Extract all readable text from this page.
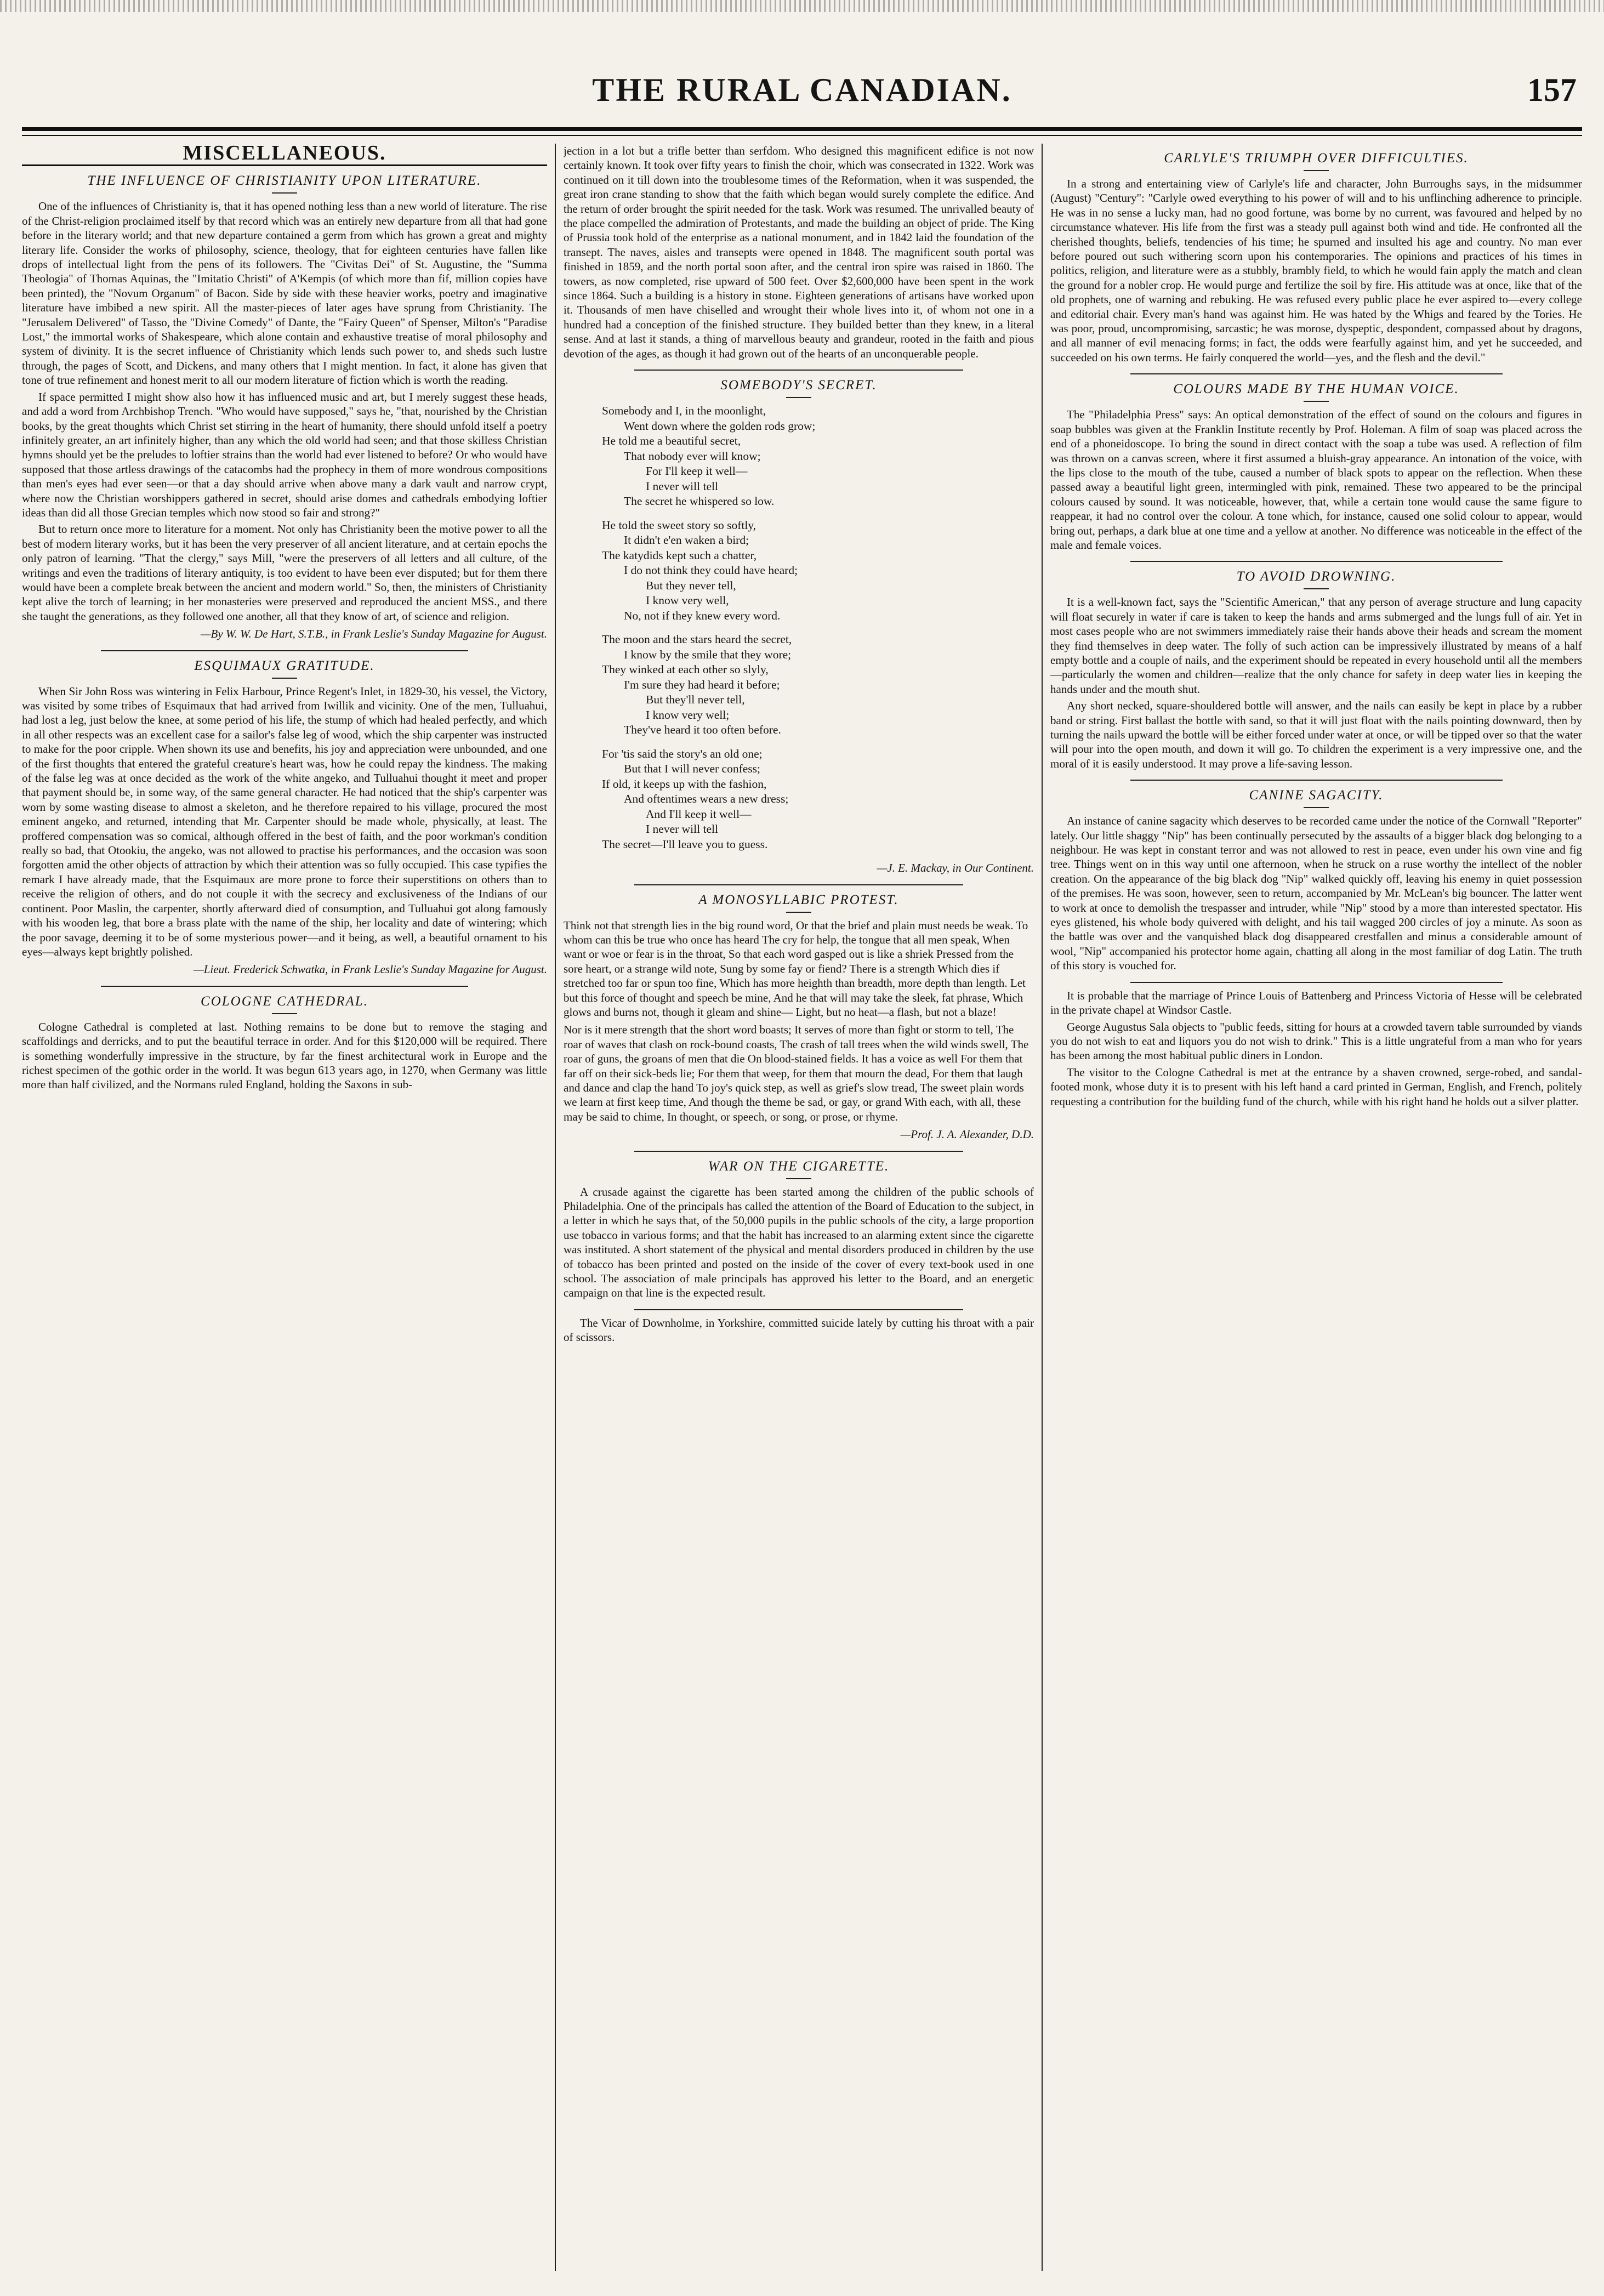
THE RURAL CANADIAN.	157
MISCELLANEOUS.
THE INFLUENCE OF CHRISTIANITY UPON LITERATURE.

One of the influences of Christianity is, that it has opened nothing less than a new world of literature. The rise of the Christ-religion proclaimed itself by that record which was an entirely new departure from all that had gone before in the literary world; and that new departure contained a germ from which has grown a great and mighty literary life. Consider the works of philosophy, science, theology, that for eighteen centuries have fallen like drops of intellectual light from the pens of its followers. The "Civitas Dei" of St. Augustine, the "Summa Theologia" of Thomas Aquinas, the "Imitatio Christi" of A'Kempis (of which more than fif, million copies have been printed), the "Novum Organum" of Bacon. Side by side with these heavier works, poetry and imaginative literature have imbibed a new spirit. All the master-pieces of later ages have sprung from Christianity. The "Jerusalem Delivered" of Tasso, the "Divine Comedy" of Dante, the "Fairy Queen" of Spenser, Milton's "Paradise Lost," the immortal works of Shakespeare, which alone contain and exhaustive treatise of moral philosophy and system of divinity. It is the secret influence of Christianity which lends such power to, and sheds such lustre through, the pages of Scott, and Dickens, and many others that I might mention. In fact, it alone has given that tone of true refinement and honest merit to all our modern literature of fiction which is worth the reading.

If space permitted I might show also how it has influenced music and art, but I merely suggest these heads, and add a word from Archbishop Trench. "Who would have supposed," says he, "that, nourished by the Christian books, by the great thoughts which Christ set stirring in the heart of humanity, there should unfold itself a poetry infinitely greater, an art infinitely higher, than any which the old world had seen; and that those skilless Christian hymns should yet be the preludes to loftier strains than the world had ever listened to before? Or who would have supposed that those artless drawings of the catacombs had the prophecy in them of more wondrous compositions than men's eyes had ever seen—or that a day should arrive when above many a dark vault and narrow crypt, where now the Christian worshippers gathered in secret, should arise domes and cathedrals embodying loftier ideas than did all those Grecian temples which now stood so fair and strong?"

But to return once more to literature for a moment. Not only has Christianity been the motive power to all the best of modern literary works, but it has been the very preserver of all ancient literature, and at certain epochs the only patron of learning. "That the clergy," says Mill, "were the preservers of all letters and all culture, of the writings and even the traditions of literary antiquity, is too evident to have been ever disputed; but for them there would have been a complete break between the ancient and modern world." So, then, the ministers of Christianity kept alive the torch of learning; in her monasteries were preserved and reproduced the ancient MSS., and there she taught the generations, as they followed one another, all that they know of art, of science and religion.

—By W. W. De Hart, S.T.B., in Frank Leslie's Sunday Magazine for August.

ESQUIMAUX GRATITUDE.

When Sir John Ross was wintering in Felix Harbour, Prince Regent's Inlet, in 1829-30, his vessel, the Victory, was visited by some tribes of Esquimaux that had arrived from Iwillik and vicinity. One of the men, Tulluahui, had lost a leg, just below the knee, at some period of his life, the stump of which had healed perfectly, and which in all other respects was an excellent case for a sailor's false leg of wood, which the ship carpenter was instructed to make for the poor cripple. When shown its use and benefits, his joy and appreciation were unbounded, and one of the first thoughts that entered the grateful creature's heart was, how he could repay the kindness. The making of the false leg was at once decided as the work of the white angeko, and Tulluahui thought it meet and proper that payment should be, in some way, of the same general character. He had noticed that the ship's carpenter was worn by some wasting disease to almost a skeleton, and he therefore repaired to his village, procured the most eminent angeko, and returned, intending that Mr. Carpenter should be made whole, physically, at least. The proffered compensation was so comical, although offered in the best of faith, and the poor workman's condition really so bad, that Otookiu, the angeko, was not allowed to practise his performances, and the occasion was soon forgotten amid the other objects of attraction by which their attention was so fully occupied. This case typifies the remark I have already made, that the Esquimaux are more prone to force their superstitions on others than to receive the religion of others, and do not couple it with the secrecy and exclusiveness of the Indians of our continent. Poor Maslin, the carpenter, shortly afterward died of consumption, and Tulluahui got along famously with his wooden leg, that bore a brass plate with the name of the ship, her locality and date of wintering; which the poor savage, deeming it to be of some mysterious power—and it being, as well, a beautiful ornament to his eyes—always kept brightly polished.

—Lieut. Frederick Schwatka, in Frank Leslie's Sunday Magazine for August.

COLOGNE CATHEDRAL.

Cologne Cathedral is completed at last. Nothing remains to be done but to remove the staging and scaffoldings and derricks, and to put the beautiful terrace in order. And for this $120,000 will be required. There is something wonderfully impressive in the structure, by far the finest architectural work in Europe and the richest specimen of the gothic order in the world. It was begun 613 years ago, in 1270, when Germany was little more than half civilized, and the Normans ruled England, holding the Saxons in sub-

jection in a lot but a trifle better than serfdom. Who designed this magnificent edifice is not now certainly known. It took over fifty years to finish the choir, which was consecrated in 1322. Work was continued on it till down into the troublesome times of the Reformation, when it was suspended, the great iron crane standing to show that the faith which began would surely complete the edifice. And the return of order brought the spirit needed for the task. Work was resumed. The unrivalled beauty of the place compelled the admiration of Protestants, and made the building an object of pride. The King of Prussia took hold of the enterprise as a national monument, and in 1842 laid the foundation of the transept. The naves, aisles and transepts were opened in 1848. The magnificent south portal was finished in 1859, and the north portal soon after, and the central iron spire was raised in 1860. The towers, as now completed, rise upward of 500 feet. Over $2,600,000 have been spent in the work since 1864. Such a building is a history in stone. Eighteen generations of artisans have worked upon it. Thousands of men have chiselled and wrought their whole lives into it, of whom not one in a hundred had a conception of the finished structure. They builded better than they knew, in a literal sense. And at last it stands, a thing of marvellous beauty and grandeur, rooted in the faith and pious devotion of the ages, as though it had grown out of the hearts of an unconquerable people.

SOMEBODY'S SECRET.
Somebody and I, in the moonlight,
Went down where the golden rods grow;
He told me a beautiful secret,
That nobody ever will know;
For I'll keep it well—
I never will tell
The secret he whispered so low.
He told the sweet story so softly,
It didn't e'en waken a bird;
The katydids kept such a chatter,
I do not think they could have heard;
But they never tell,
I know very well,
No, not if they knew every word.
The moon and the stars heard the secret,
I know by the smile that they wore;
They winked at each other so slyly,
I'm sure they had heard it before;
But they'll never tell,
I know very well;
They've heard it too often before.
For 'tis said the story's an old one;
But that I will never confess;
If old, it keeps up with the fashion,
And oftentimes wears a new dress;
And I'll keep it well—
I never will tell
The secret—I'll leave you to guess.

—J. E. Mackay, in Our Continent.

A MONOSYLLABIC PROTEST.

Think not that strength lies in the big round word, Or that the brief and plain must needs be weak. To whom can this be true who once has heard The cry for help, the tongue that all men speak, When want or woe or fear is in the throat, So that each word gasped out is like a shriek Pressed from the sore heart, or a strange wild note, Sung by some fay or fiend? There is a strength Which dies if stretched too far or spun too fine, Which has more heighth than breadth, more depth than length. Let but this force of thought and speech be mine, And he that will may take the sleek, fat phrase, Which glows and burns not, though it gleam and shine— Light, but no heat—a flash, but not a blaze!

Nor is it mere strength that the short word boasts; It serves of more than fight or storm to tell, The roar of waves that clash on rock-bound coasts, The crash of tall trees when the wild winds swell, The roar of guns, the groans of men that die On blood-stained fields. It has a voice as well For them that far off on their sick-beds lie; For them that weep, for them that mourn the dead, For them that laugh and dance and clap the hand To joy's quick step, as well as grief's slow tread, The sweet plain words we learn at first keep time, And though the theme be sad, or gay, or grand With each, with all, these may be said to chime, In thought, or speech, or song, or prose, or rhyme.

—Prof. J. A. Alexander, D.D.

WAR ON THE CIGARETTE.

A crusade against the cigarette has been started among the children of the public schools of Philadelphia. One of the principals has called the attention of the Board of Education to the subject, in a letter in which he says that, of the 50,000 pupils in the public schools of the city, a large proportion use tobacco in various forms; and that the habit has increased to an alarming extent since the cigarette was instituted. A short statement of the physical and mental disorders produced in children by the use of tobacco has been printed and posted on the inside of the cover of every text-book used in one school. The association of male principals has approved his letter to the Board, and an energetic campaign on that line is the expected result.

The Vicar of Downholme, in Yorkshire, committed suicide lately by cutting his throat with a pair of scissors.

CARLYLE'S TRIUMPH OVER DIFFICULTIES.

In a strong and entertaining view of Carlyle's life and character, John Burroughs says, in the midsummer (August) "Century": "Carlyle owed everything to his power of will and to his unflinching adherence to principle. He was in no sense a lucky man, had no good fortune, was borne by no current, was favoured and helped by no circumstance whatever. His life from the first was a steady pull against both wind and tide. He confronted all the cherished thoughts, beliefs, tendencies of his time; he spurned and insulted his age and country. No man ever before poured out such withering scorn upon his contemporaries. The opinions and practices of his times in politics, religion, and literature were as a stubbly, brambly field, to which he would fain apply the match and clean the ground for a nobler crop. He would purge and fertilize the soil by fire. His attitude was at once, like that of the old prophets, one of warning and rebuking. He was refused every public place he ever aspired to—every college and editorial chair. Every man's hand was against him. He was hated by the Whigs and feared by the Tories. He was poor, proud, uncompromising, sarcastic; he was morose, dyspeptic, despondent, compassed about by dragons, and all manner of evil menacing forms; in fact, the odds were fearfully against him, and yet he succeeded, and succeeded on his own terms. He fairly conquered the world—yes, and the flesh and the devil."

COLOURS MADE BY THE HUMAN VOICE.

The "Philadelphia Press" says: An optical demonstration of the effect of sound on the colours and figures in soap bubbles was given at the Franklin Institute recently by Prof. Holeman. A film of soap was placed across the end of a phoneidoscope. To bring the sound in direct contact with the soap a tube was used. A reflection of film was thrown on a canvas screen, where it first assumed a bluish-gray appearance. An intonation of the voice, with the lips close to the mouth of the tube, caused a number of black spots to appear on the reflection. When these passed away a beautiful light green, intermingled with pink, remained. These two appeared to be the principal colours caused by sound. It was noticeable, however, that, while a certain tone would cause the same figure to reappear, it had no control over the colour. A tone which, for instance, caused one solid colour to appear, would bring out, perhaps, a dark blue at one time and a yellow at another. No difference was noticeable in the effect of the male and female voices.

TO AVOID DROWNING.

It is a well-known fact, says the "Scientific American," that any person of average structure and lung capacity will float securely in water if care is taken to keep the hands and arms submerged and the lungs full of air. Yet in most cases people who are not swimmers immediately raise their hands above their heads and scream the moment they find themselves in deep water. The folly of such action can be impressively illustrated by means of a half empty bottle and a couple of nails, and the experiment should be repeated in every household until all the members—particularly the women and children—realize that the only chance for safety in deep water lies in keeping the hands under and the mouth shut.

Any short necked, square-shouldered bottle will answer, and the nails can easily be kept in place by a rubber band or string. First ballast the bottle with sand, so that it will just float with the nails pointing downward, then by turning the nails upward the bottle will be either forced under water at once, or will be tipped over so that the water will pour into the open mouth, and down it will go. To children the experiment is a very impressive one, and the moral of it is easily understood. It may prove a life-saving lesson.

CANINE SAGACITY.

An instance of canine sagacity which deserves to be recorded came under the notice of the Cornwall "Reporter" lately. Our little shaggy "Nip" has been continually persecuted by the assaults of a bigger black dog belonging to a neighbour. He was kept in constant terror and was not allowed to rest in peace, even under his own vine and fig tree. Things went on in this way until one afternoon, when he struck on a ruse worthy the intellect of the nobler creation. On the appearance of the big black dog "Nip" walked quickly off, leaving his enemy in quiet possession of the premises. He was soon, however, seen to return, accompanied by Mr. McLean's big bouncer. The latter went to work at once to demolish the trespasser and intruder, while "Nip" stood by a more than interested spectator. His eyes glistened, his whole body quivered with delight, and his tail wagged 200 circles of joy a minute. As soon as the battle was over and the vanquished black dog disappeared crestfallen and minus a considerable amount of wool, "Nip" accompanied his protector home again, chatting all along in the most familiar of dog Latin. The truth of this story is vouched for.

It is probable that the marriage of Prince Louis of Battenberg and Princess Victoria of Hesse will be celebrated in the private chapel at Windsor Castle.

George Augustus Sala objects to "public feeds, sitting for hours at a crowded tavern table surrounded by viands you do not wish to eat and liquors you do not wish to drink." This is a little ungrateful from a man who for years has been among the most habitual public diners in London.

The visitor to the Cologne Cathedral is met at the entrance by a shaven crowned, serge-robed, and sandal-footed monk, whose duty it is to present with his left hand a card printed in German, English, and French, politely requesting a contribution for the building fund of the church, while with his right hand he holds out a silver platter.
